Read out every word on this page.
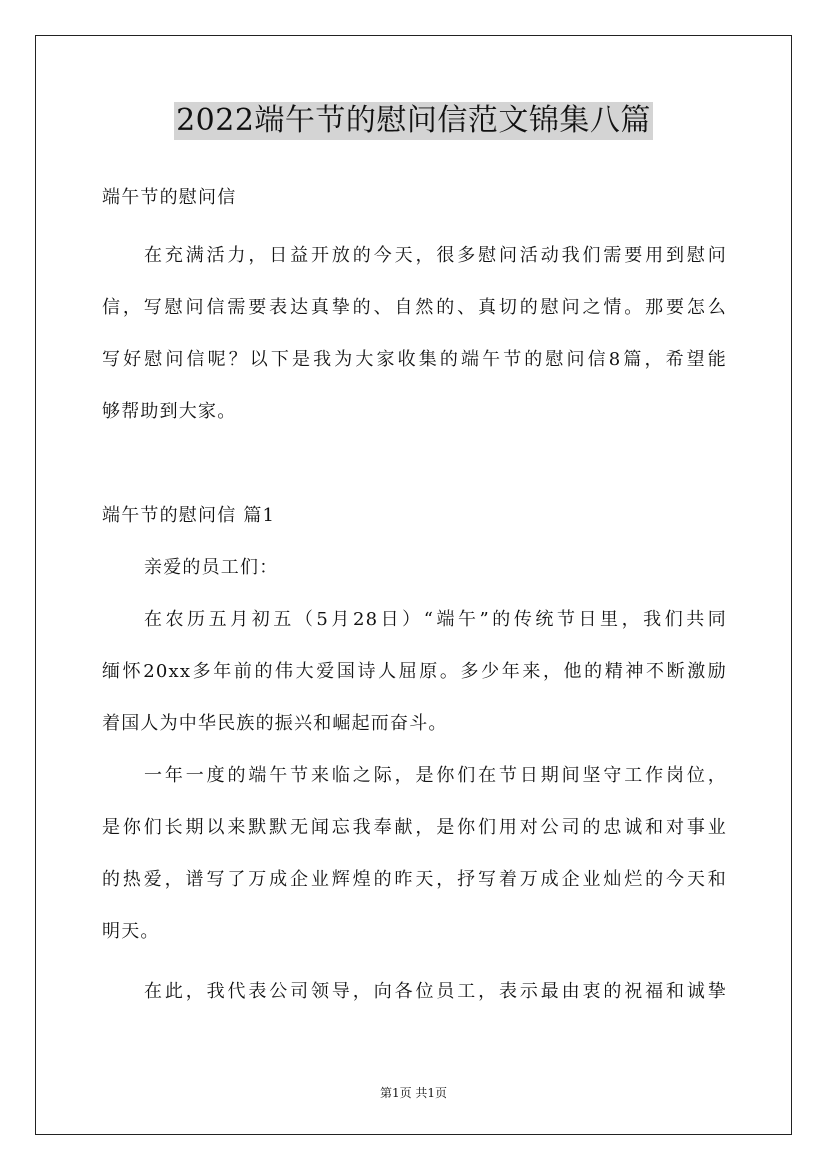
2022端午节的慰问信范文锦集八篇
端午节的慰问信
在充满活力，日益开放的今天，很多慰问活动我们需要用到慰问
信，写慰问信需要表达真挚的、自然的、真切的慰问之情。那要怎么
写好慰问信呢？以下是我为大家收集的端午节的慰问信8篇，希望能
够帮助到大家。
端午节的慰问信 篇1
亲爱的员工们：
在农历五月初五（5月28日）“端午”的传统节日里，我们共同
缅怀20xx多年前的伟大爱国诗人屈原。多少年来，他的精神不断激励
着国人为中华民族的振兴和崛起而奋斗。
一年一度的端午节来临之际，是你们在节日期间坚守工作岗位，
是你们长期以来默默无闻忘我奉献，是你们用对公司的忠诚和对事业
的热爱，谱写了万成企业辉煌的昨天，抒写着万成企业灿烂的今天和
明天。
在此，我代表公司领导，向各位员工，表示最由衷的祝福和诚挚
第1页 共1页
